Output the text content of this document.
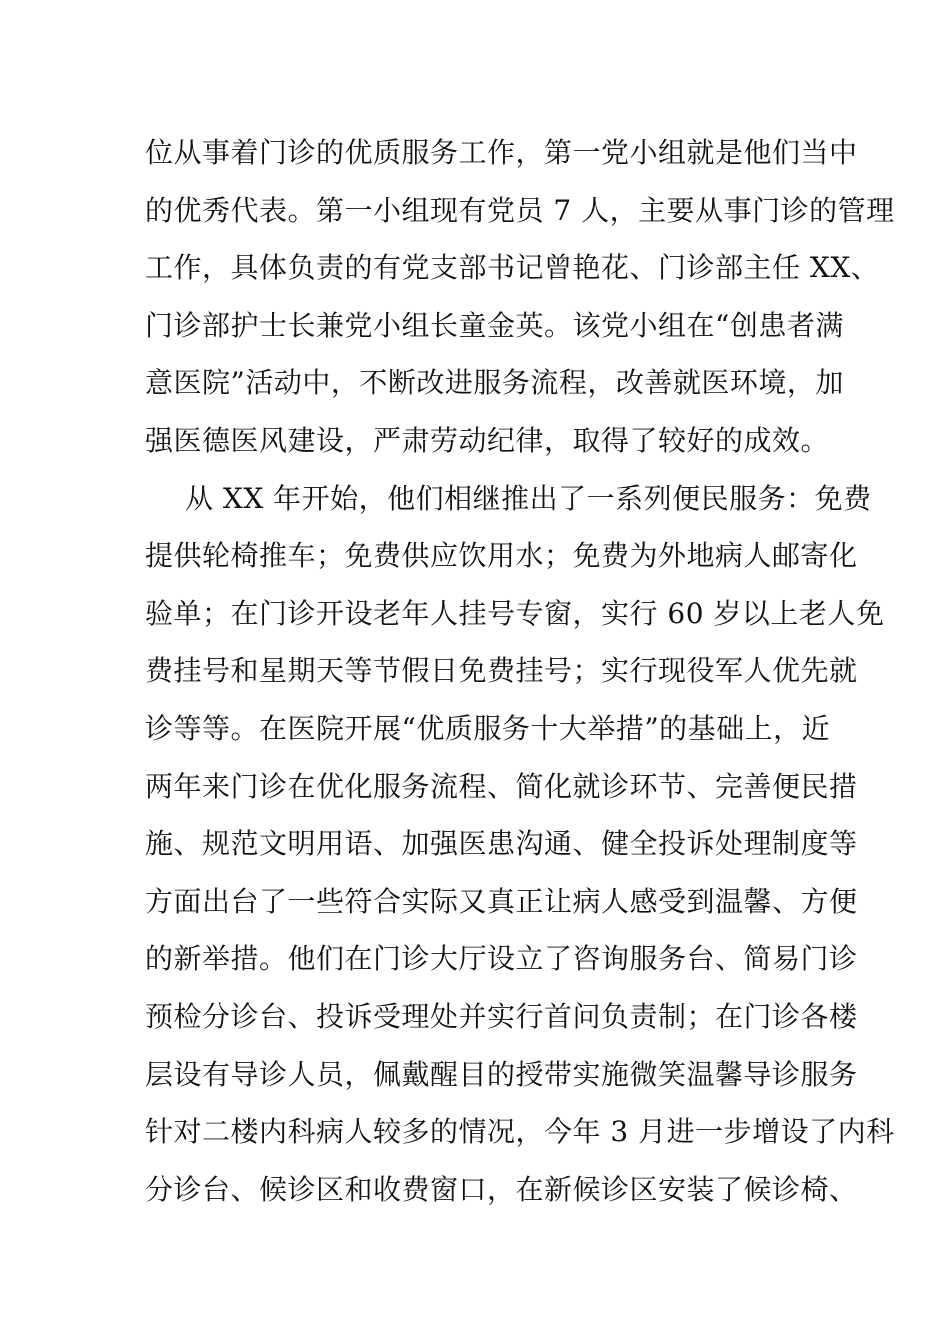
位从事着门诊的优质服务工作，第一党小组就是他们当中
的优秀代表。第一小组现有党员 7 人，主要从事门诊的管理
工作，具体负责的有党支部书记曾艳花、门诊部主任 XX、
门诊部护士长兼党小组长童金英。该党小组在“创患者满
意医院”活动中，不断改进服务流程，改善就医环境，加
强医德医风建设，严肃劳动纪律，取得了较好的成效。
从 XX 年开始，他们相继推出了一系列便民服务：免费
提供轮椅推车；免费供应饮用水；免费为外地病人邮寄化
验单；在门诊开设老年人挂号专窗，实行 60 岁以上老人免
费挂号和星期天等节假日免费挂号；实行现役军人优先就
诊等等。在医院开展“优质服务十大举措”的基础上，近
两年来门诊在优化服务流程、简化就诊环节、完善便民措
施、规范文明用语、加强医患沟通、健全投诉处理制度等
方面出台了一些符合实际又真正让病人感受到温馨、方便
的新举措。他们在门诊大厅设立了咨询服务台、简易门诊
预检分诊台、投诉受理处并实行首问负责制；在门诊各楼
层设有导诊人员，佩戴醒目的授带实施微笑温馨导诊服务
针对二楼内科病人较多的情况，今年 3 月进一步增设了内科
分诊台、候诊区和收费窗口，在新候诊区安装了候诊椅、
